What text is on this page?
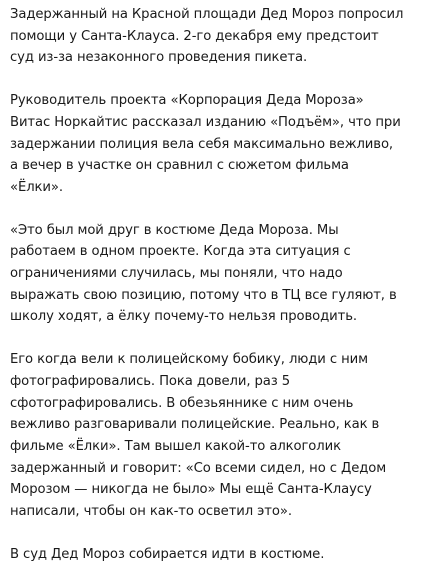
Задержанный на Красной площади Дед Мороз попросил
помощи у Санта-Клауса. 2-го декабря ему предстоит
суд из-за незаконного проведения пикета.

Руководитель проекта «Корпорация Деда Мороза»
Витас Норкайтис рассказал изданию «Подъём», что при
задержании полиция вела себя максимально вежливо,
а вечер в участке он сравнил с сюжетом фильма
«Ёлки».

«Это был мой друг в костюме Деда Мороза. Мы
работаем в одном проекте. Когда эта ситуация с
ограничениями случилась, мы поняли, что надо
выражать свою позицию, потому что в ТЦ все гуляют, в
школу ходят, а ёлку почему-то нельзя проводить.

Его когда вели к полицейскому бобику, люди с ним
фотографировались. Пока довели, раз 5
сфотографировались. В обезьяннике с ним очень
вежливо разговаривали полицейские. Реально, как в
фильме «Ёлки». Там вышел какой-то алкоголик
задержанный и говорит: «Со всеми сидел, но с Дедом
Морозом — никогда не было» Мы ещё Санта-Клаусу
написали, чтобы он как-то осветил это».

В суд Дед Мороз собирается идти в костюме.
